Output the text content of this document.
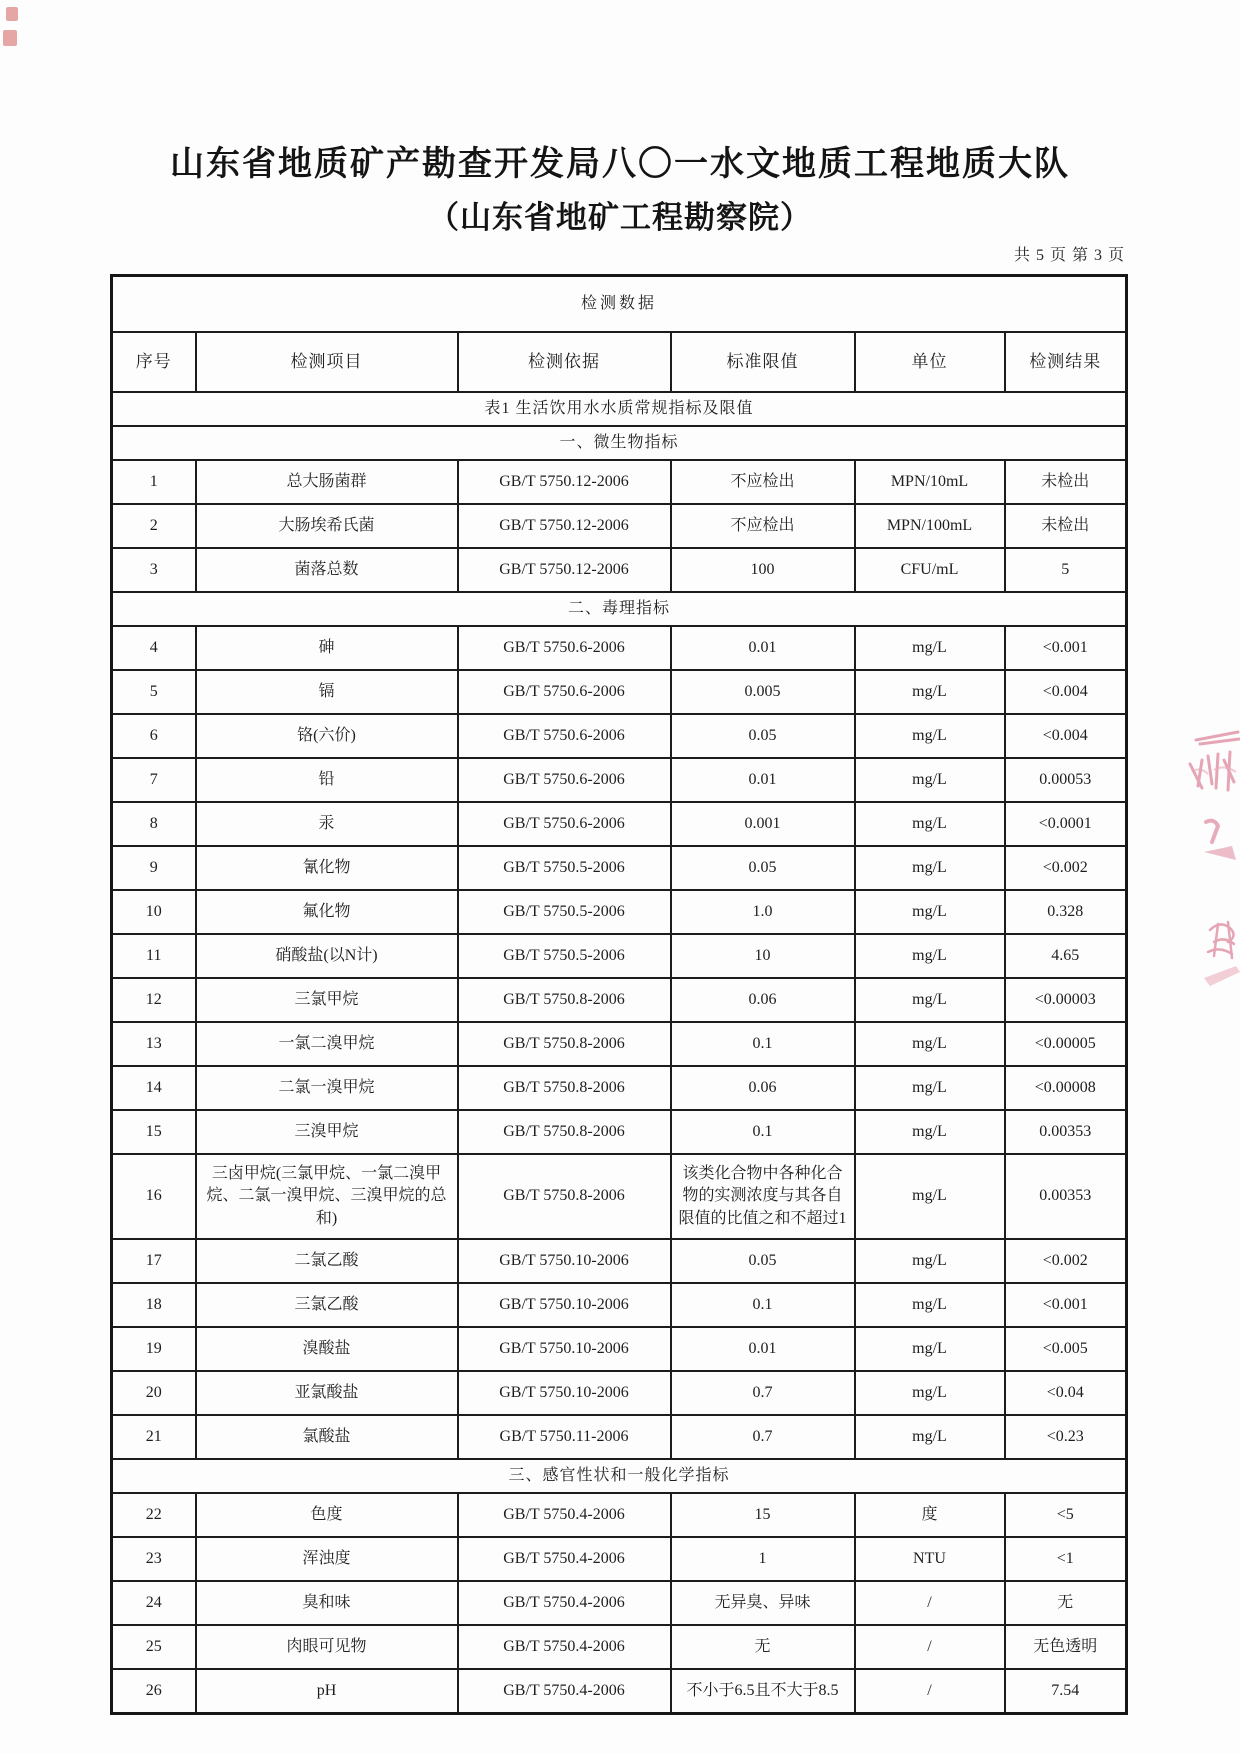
山东省地质矿产勘查开发局八〇一水文地质工程地质大队
（山东省地矿工程勘察院）
共 5 页 第 3 页
检测数据					
序号	检测项目	检测依据	标准限值	单位	检测结果
表1 生活饮用水水质常规指标及限值					
一、微生物指标					
1	总大肠菌群	GB/T 5750.12-2006	不应检出	MPN/10mL	未检出
2	大肠埃希氏菌	GB/T 5750.12-2006	不应检出	MPN/100mL	未检出
3	菌落总数	GB/T 5750.12-2006	100	CFU/mL	5
二、毒理指标					
4	砷	GB/T 5750.6-2006	0.01	mg/L	<0.001
5	镉	GB/T 5750.6-2006	0.005	mg/L	<0.004
6	铬(六价)	GB/T 5750.6-2006	0.05	mg/L	<0.004
7	铅	GB/T 5750.6-2006	0.01	mg/L	0.00053
8	汞	GB/T 5750.6-2006	0.001	mg/L	<0.0001
9	氰化物	GB/T 5750.5-2006	0.05	mg/L	<0.002
10	氟化物	GB/T 5750.5-2006	1.0	mg/L	0.328
11	硝酸盐(以N计)	GB/T 5750.5-2006	10	mg/L	4.65
12	三氯甲烷	GB/T 5750.8-2006	0.06	mg/L	<0.00003
13	一氯二溴甲烷	GB/T 5750.8-2006	0.1	mg/L	<0.00005
14	二氯一溴甲烷	GB/T 5750.8-2006	0.06	mg/L	<0.00008
15	三溴甲烷	GB/T 5750.8-2006	0.1	mg/L	0.00353
16	三卤甲烷(三氯甲烷、一氯二溴甲烷、二氯一溴甲烷、三溴甲烷的总和)	GB/T 5750.8-2006	该类化合物中各种化合物的实测浓度与其各自限值的比值之和不超过1	mg/L	0.00353
17	二氯乙酸	GB/T 5750.10-2006	0.05	mg/L	<0.002
18	三氯乙酸	GB/T 5750.10-2006	0.1	mg/L	<0.001
19	溴酸盐	GB/T 5750.10-2006	0.01	mg/L	<0.005
20	亚氯酸盐	GB/T 5750.10-2006	0.7	mg/L	<0.04
21	氯酸盐	GB/T 5750.11-2006	0.7	mg/L	<0.23
三、感官性状和一般化学指标					
22	色度	GB/T 5750.4-2006	15	度	<5
23	浑浊度	GB/T 5750.4-2006	1	NTU	<1
24	臭和味	GB/T 5750.4-2006	无异臭、异味	/	无
25	肉眼可见物	GB/T 5750.4-2006	无	/	无色透明
26	pH	GB/T 5750.4-2006	不小于6.5且不大于8.5	/	7.54
